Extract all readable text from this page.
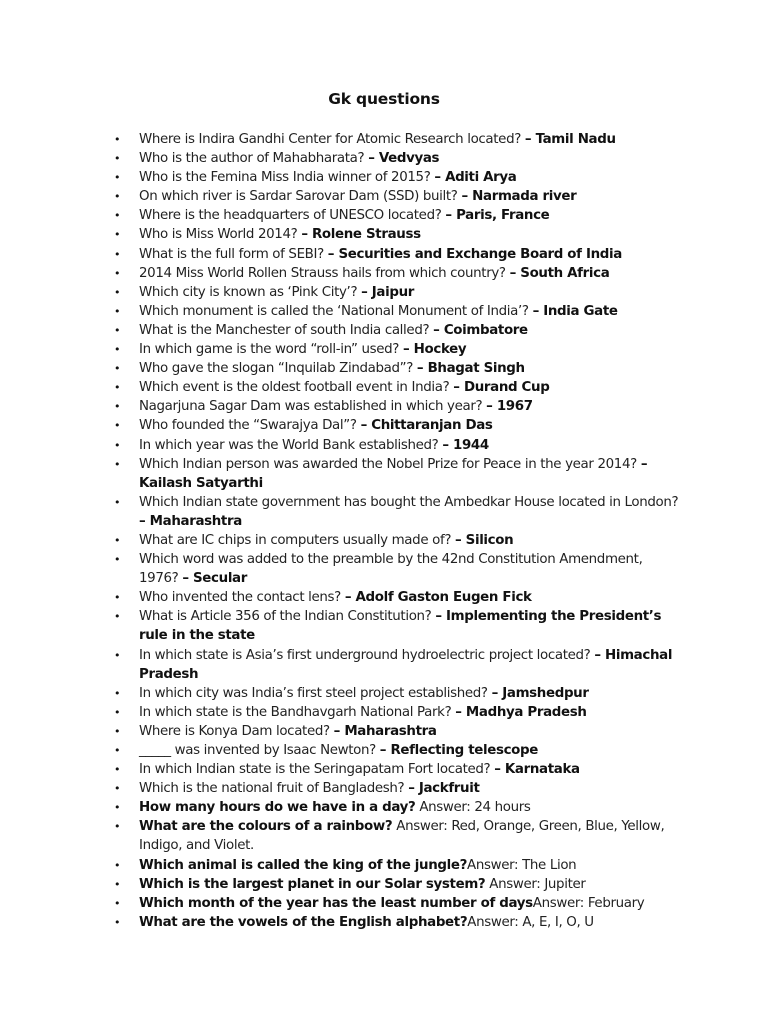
Gk questions
• Where is Indira Gandhi Center for Atomic Research located? – Tamil Nadu
• Who is the author of Mahabharata? – Vedvyas
• Who is the Femina Miss India winner of 2015? – Aditi Arya
• On which river is Sardar Sarovar Dam (SSD) built? – Narmada river
• Where is the headquarters of UNESCO located? – Paris, France
• Who is Miss World 2014? – Rolene Strauss
• What is the full form of SEBI? – Securities and Exchange Board of India
• 2014 Miss World Rollen Strauss hails from which country? – South Africa
• Which city is known as ‘Pink City’? – Jaipur
• Which monument is called the ‘National Monument of India’? – India Gate
• What is the Manchester of south India called? – Coimbatore
• In which game is the word “roll-in” used? – Hockey
• Who gave the slogan “Inquilab Zindabad”? – Bhagat Singh
• Which event is the oldest football event in India? – Durand Cup
• Nagarjuna Sagar Dam was established in which year? – 1967
• Who founded the “Swarajya Dal”? – Chittaranjan Das
• In which year was the World Bank established? – 1944
• Which Indian person was awarded the Nobel Prize for Peace in the year 2014? – Kailash Satyarthi
• Which Indian state government has bought the Ambedkar House located in London? – Maharashtra
• What are IC chips in computers usually made of? – Silicon
• Which word was added to the preamble by the 42nd Constitution Amendment, 1976? – Secular
• Who invented the contact lens? – Adolf Gaston Eugen Fick
• What is Article 356 of the Indian Constitution? – Implementing the President’s rule in the state
• In which state is Asia’s first underground hydroelectric project located? – Himachal Pradesh
• In which city was India’s first steel project established? – Jamshedpur
• In which state is the Bandhavgarh National Park? – Madhya Pradesh
• Where is Konya Dam located? – Maharashtra
• _____ was invented by Isaac Newton? – Reflecting telescope
• In which Indian state is the Seringapatam Fort located? – Karnataka
• Which is the national fruit of Bangladesh? – Jackfruit
• How many hours do we have in a day? Answer: 24 hours
• What are the colours of a rainbow? Answer: Red, Orange, Green, Blue, Yellow, Indigo, and Violet.
• Which animal is called the king of the jungle?Answer: The Lion
• Which is the largest planet in our Solar system? Answer: Jupiter
• Which month of the year has the least number of daysAnswer: February
• What are the vowels of the English alphabet?Answer: A, E, I, O, U
